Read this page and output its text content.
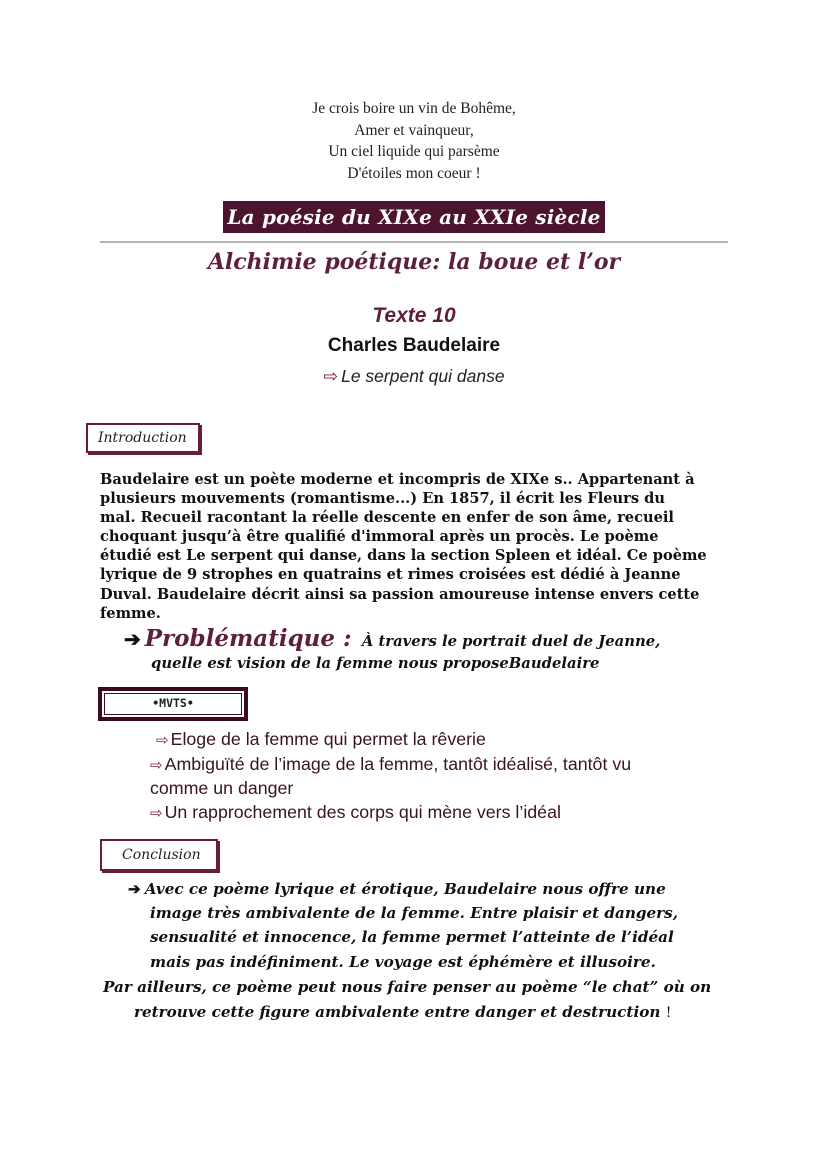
Je crois boire un vin de Bohême,
Amer et vainqueur,
Un ciel liquide qui parsème
D'étoiles mon coeur !
La poésie du XIXe au XXIe siècle
Alchimie poétique: la boue et l’or
Texte 10
Charles Baudelaire
⇨ Le serpent qui danse
Introduction
Baudelaire est un poète moderne et incompris de XIXe s.. Appartenant à
plusieurs mouvements (romantisme...) En 1857, il écrit les Fleurs du
mal. Recueil racontant la réelle descente en enfer de son âme, recueil
choquant jusqu’à être qualifié d'immoral après un procès. Le poème
étudié est Le serpent qui danse, dans la section Spleen et idéal. Ce poème
lyrique de 9 strophes en quatrains et rimes croisées est dédié à Jeanne
Duval. Baudelaire décrit ainsi sa passion amoureuse intense envers cette
femme.
➔ Problématique : À travers le portrait duel de Jeanne,
quelle est vision de la femme nous proposeBaudelaire
•MVTS•
⇨ Eloge de la femme qui permet la rêverie
⇨ Ambiguïté de l’image de la femme, tantôt idéalisé, tantôt vu
comme un danger
⇨ Un rapprochement des corps qui mène vers l’idéal
Conclusion
➔ Avec ce poème lyrique et érotique, Baudelaire nous offre une
image très ambivalente de la femme. Entre plaisir et dangers,
sensualité et innocence, la femme permet l’atteinte de l’idéal
mais pas indéfiniment. Le voyage est éphémère et illusoire.
Par ailleurs, ce poème peut nous faire penser au poème “le chat” où on
retrouve cette figure ambivalente entre danger et destruction !
